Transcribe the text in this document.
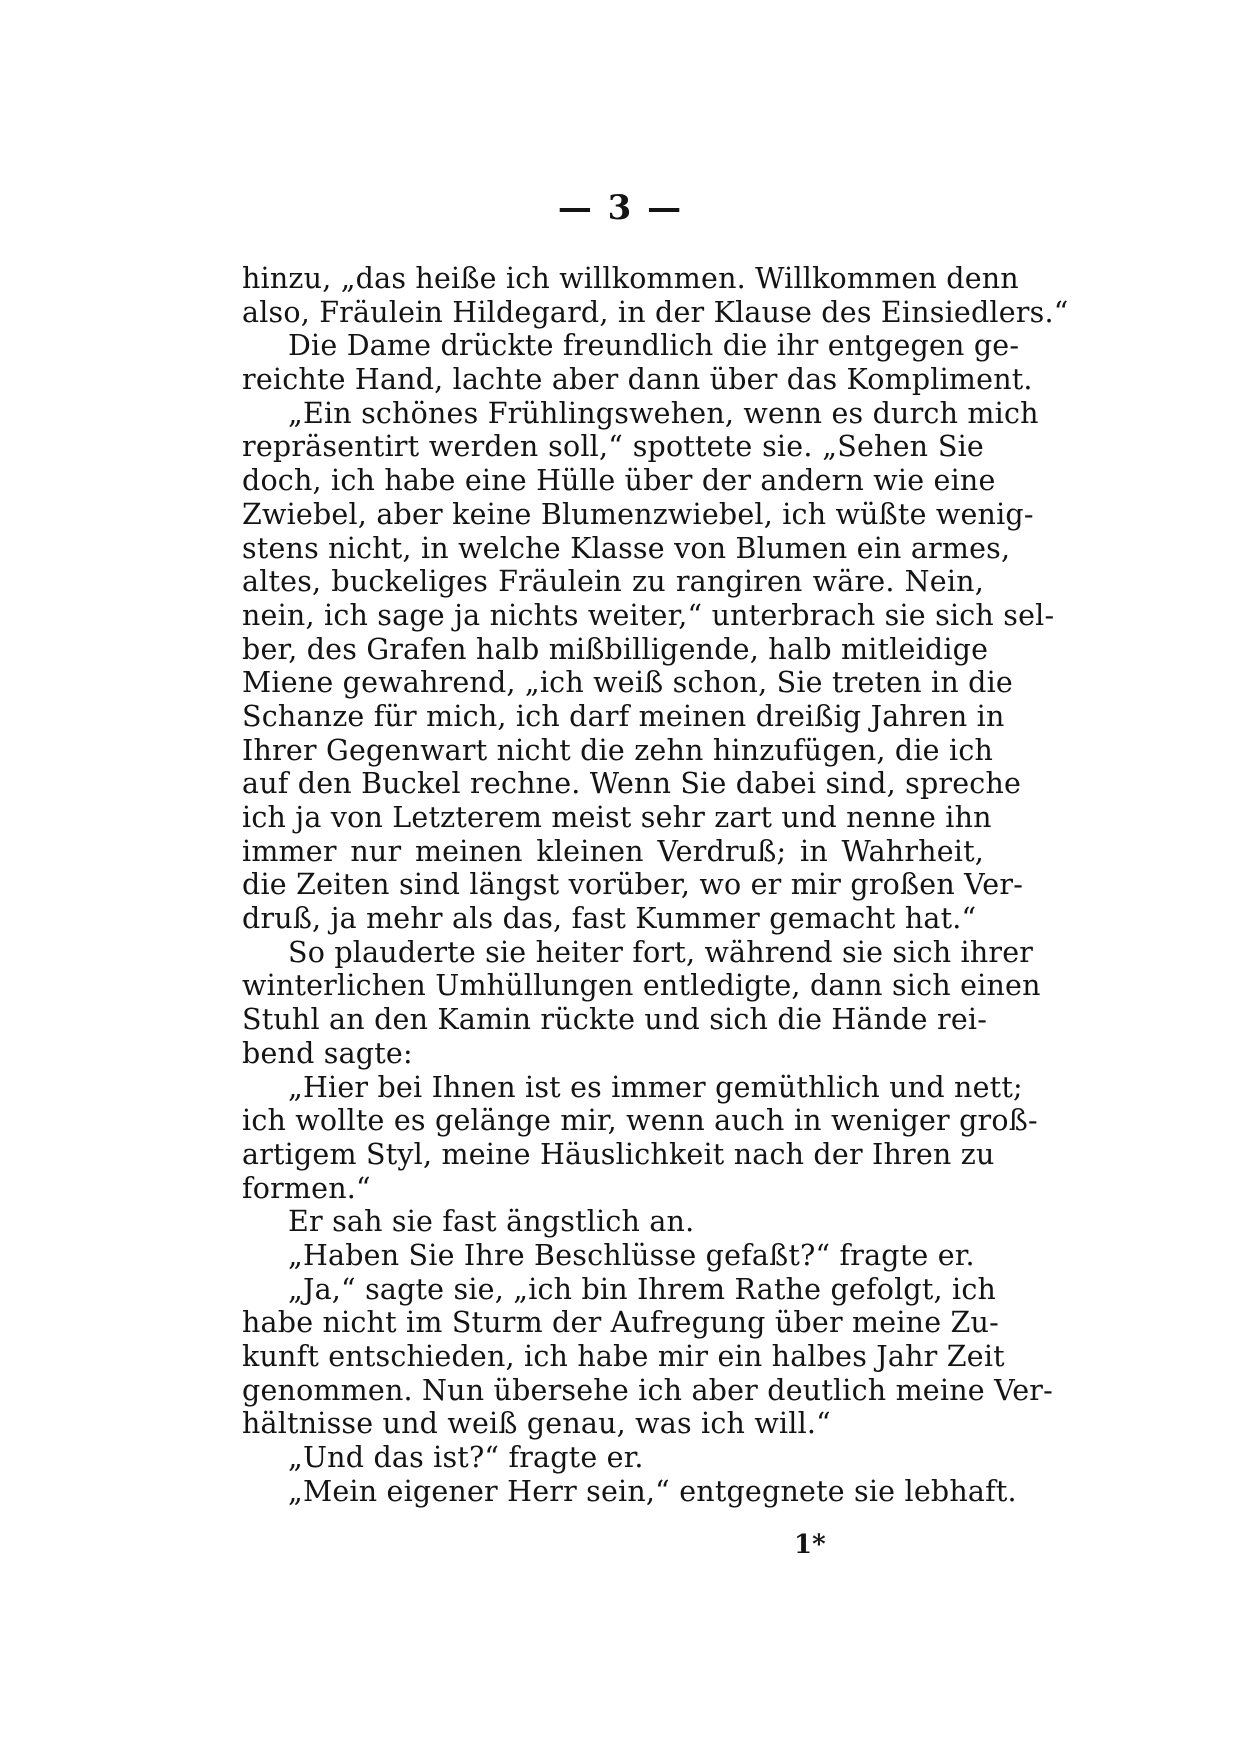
— 3 —
hinzu, „das heiße ich willkommen. Willkommen denn
also, Fräulein Hildegard, in der Klause des Einsiedlers.“
Die Dame drückte freundlich die ihr entgegen ge-
reichte Hand, lachte aber dann über das Kompliment.
„Ein schönes Frühlingswehen, wenn es durch mich
repräsentirt werden soll,“ spottete sie. „Sehen Sie
doch, ich habe eine Hülle über der andern wie eine
Zwiebel, aber keine Blumenzwiebel, ich wüßte wenig-
stens nicht, in welche Klasse von Blumen ein armes,
altes, buckeliges Fräulein zu rangiren wäre. Nein,
nein, ich sage ja nichts weiter,“ unterbrach sie sich sel-
ber, des Grafen halb mißbilligende, halb mitleidige
Miene gewahrend, „ich weiß schon, Sie treten in die
Schanze für mich, ich darf meinen dreißig Jahren in
Ihrer Gegenwart nicht die zehn hinzufügen, die ich
auf den Buckel rechne. Wenn Sie dabei sind, spreche
ich ja von Letzterem meist sehr zart und nenne ihn
immer nur meinen kleinen Verdruß; in Wahrheit,
die Zeiten sind längst vorüber, wo er mir großen Ver-
druß, ja mehr als das, fast Kummer gemacht hat.“
So plauderte sie heiter fort, während sie sich ihrer
winterlichen Umhüllungen entledigte, dann sich einen
Stuhl an den Kamin rückte und sich die Hände rei-
bend sagte:
„Hier bei Ihnen ist es immer gemüthlich und nett;
ich wollte es gelänge mir, wenn auch in weniger groß-
artigem Styl, meine Häuslichkeit nach der Ihren zu
formen.“
Er sah sie fast ängstlich an.
„Haben Sie Ihre Beschlüsse gefaßt?“ fragte er.
„Ja,“ sagte sie, „ich bin Ihrem Rathe gefolgt, ich
habe nicht im Sturm der Aufregung über meine Zu-
kunft entschieden, ich habe mir ein halbes Jahr Zeit
genommen. Nun übersehe ich aber deutlich meine Ver-
hältnisse und weiß genau, was ich will.“
„Und das ist?“ fragte er.
„Mein eigener Herr sein,“ entgegnete sie lebhaft.
1*
